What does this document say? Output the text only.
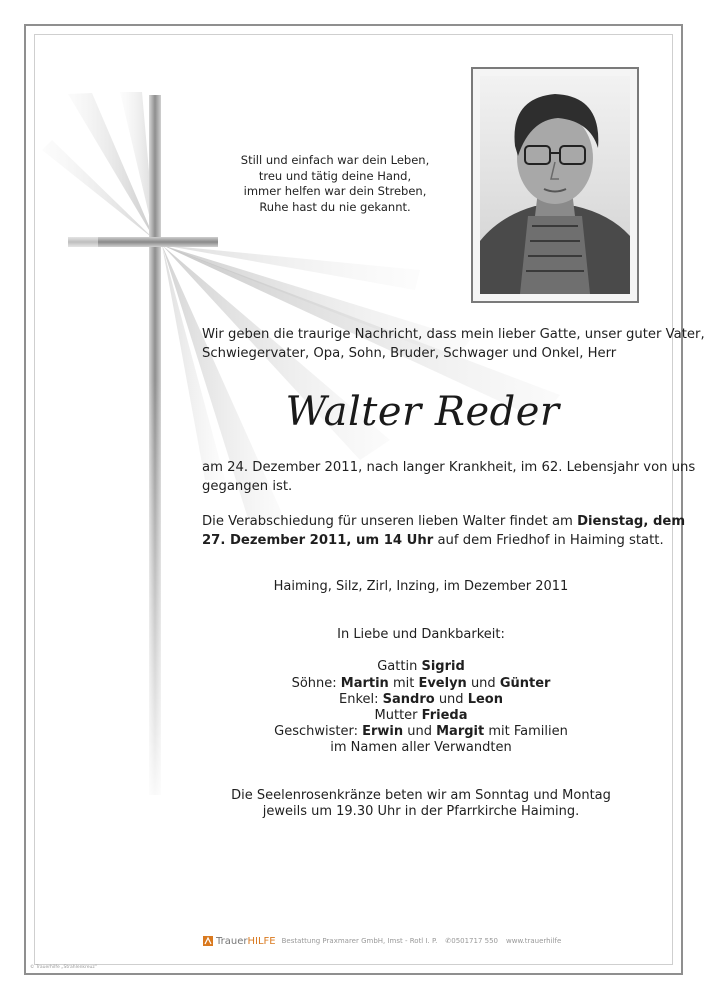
Still und einfach war dein Leben,
treu und tätig deine Hand,
immer helfen war dein Streben,
Ruhe hast du nie gekannt.
Wir geben die traurige Nachricht, dass mein lieber Gatte, unser guter Vater,
Schwiegervater, Opa, Sohn, Bruder, Schwager und Onkel, Herr
Walter Reder
am 24. Dezember 2011, nach langer Krankheit, im 62. Lebensjahr von uns
gegangen ist.
Die Verabschiedung für unseren lieben Walter findet am Dienstag, dem
27. Dezember 2011, um 14 Uhr auf dem Friedhof in Haiming statt.
Haiming, Silz, Zirl, Inzing, im Dezember 2011
In Liebe und Dankbarkeit:
Gattin Sigrid
Söhne: Martin mit Evelyn und Günter
Enkel: Sandro und Leon
Mutter Frieda
Geschwister: Erwin und Margit mit Familien
im Namen aller Verwandten
Die Seelenrosenkränze beten wir am Sonntag und Montag
jeweils um 19.30 Uhr in der Pfarrkirche Haiming.
TrauerHILFE Bestattung Praxmarer GmbH, Imst - Rotl I. P. ✆0501717 550 www.trauerhilfe
© Trauerhilfe „Strahlenkreuz“
